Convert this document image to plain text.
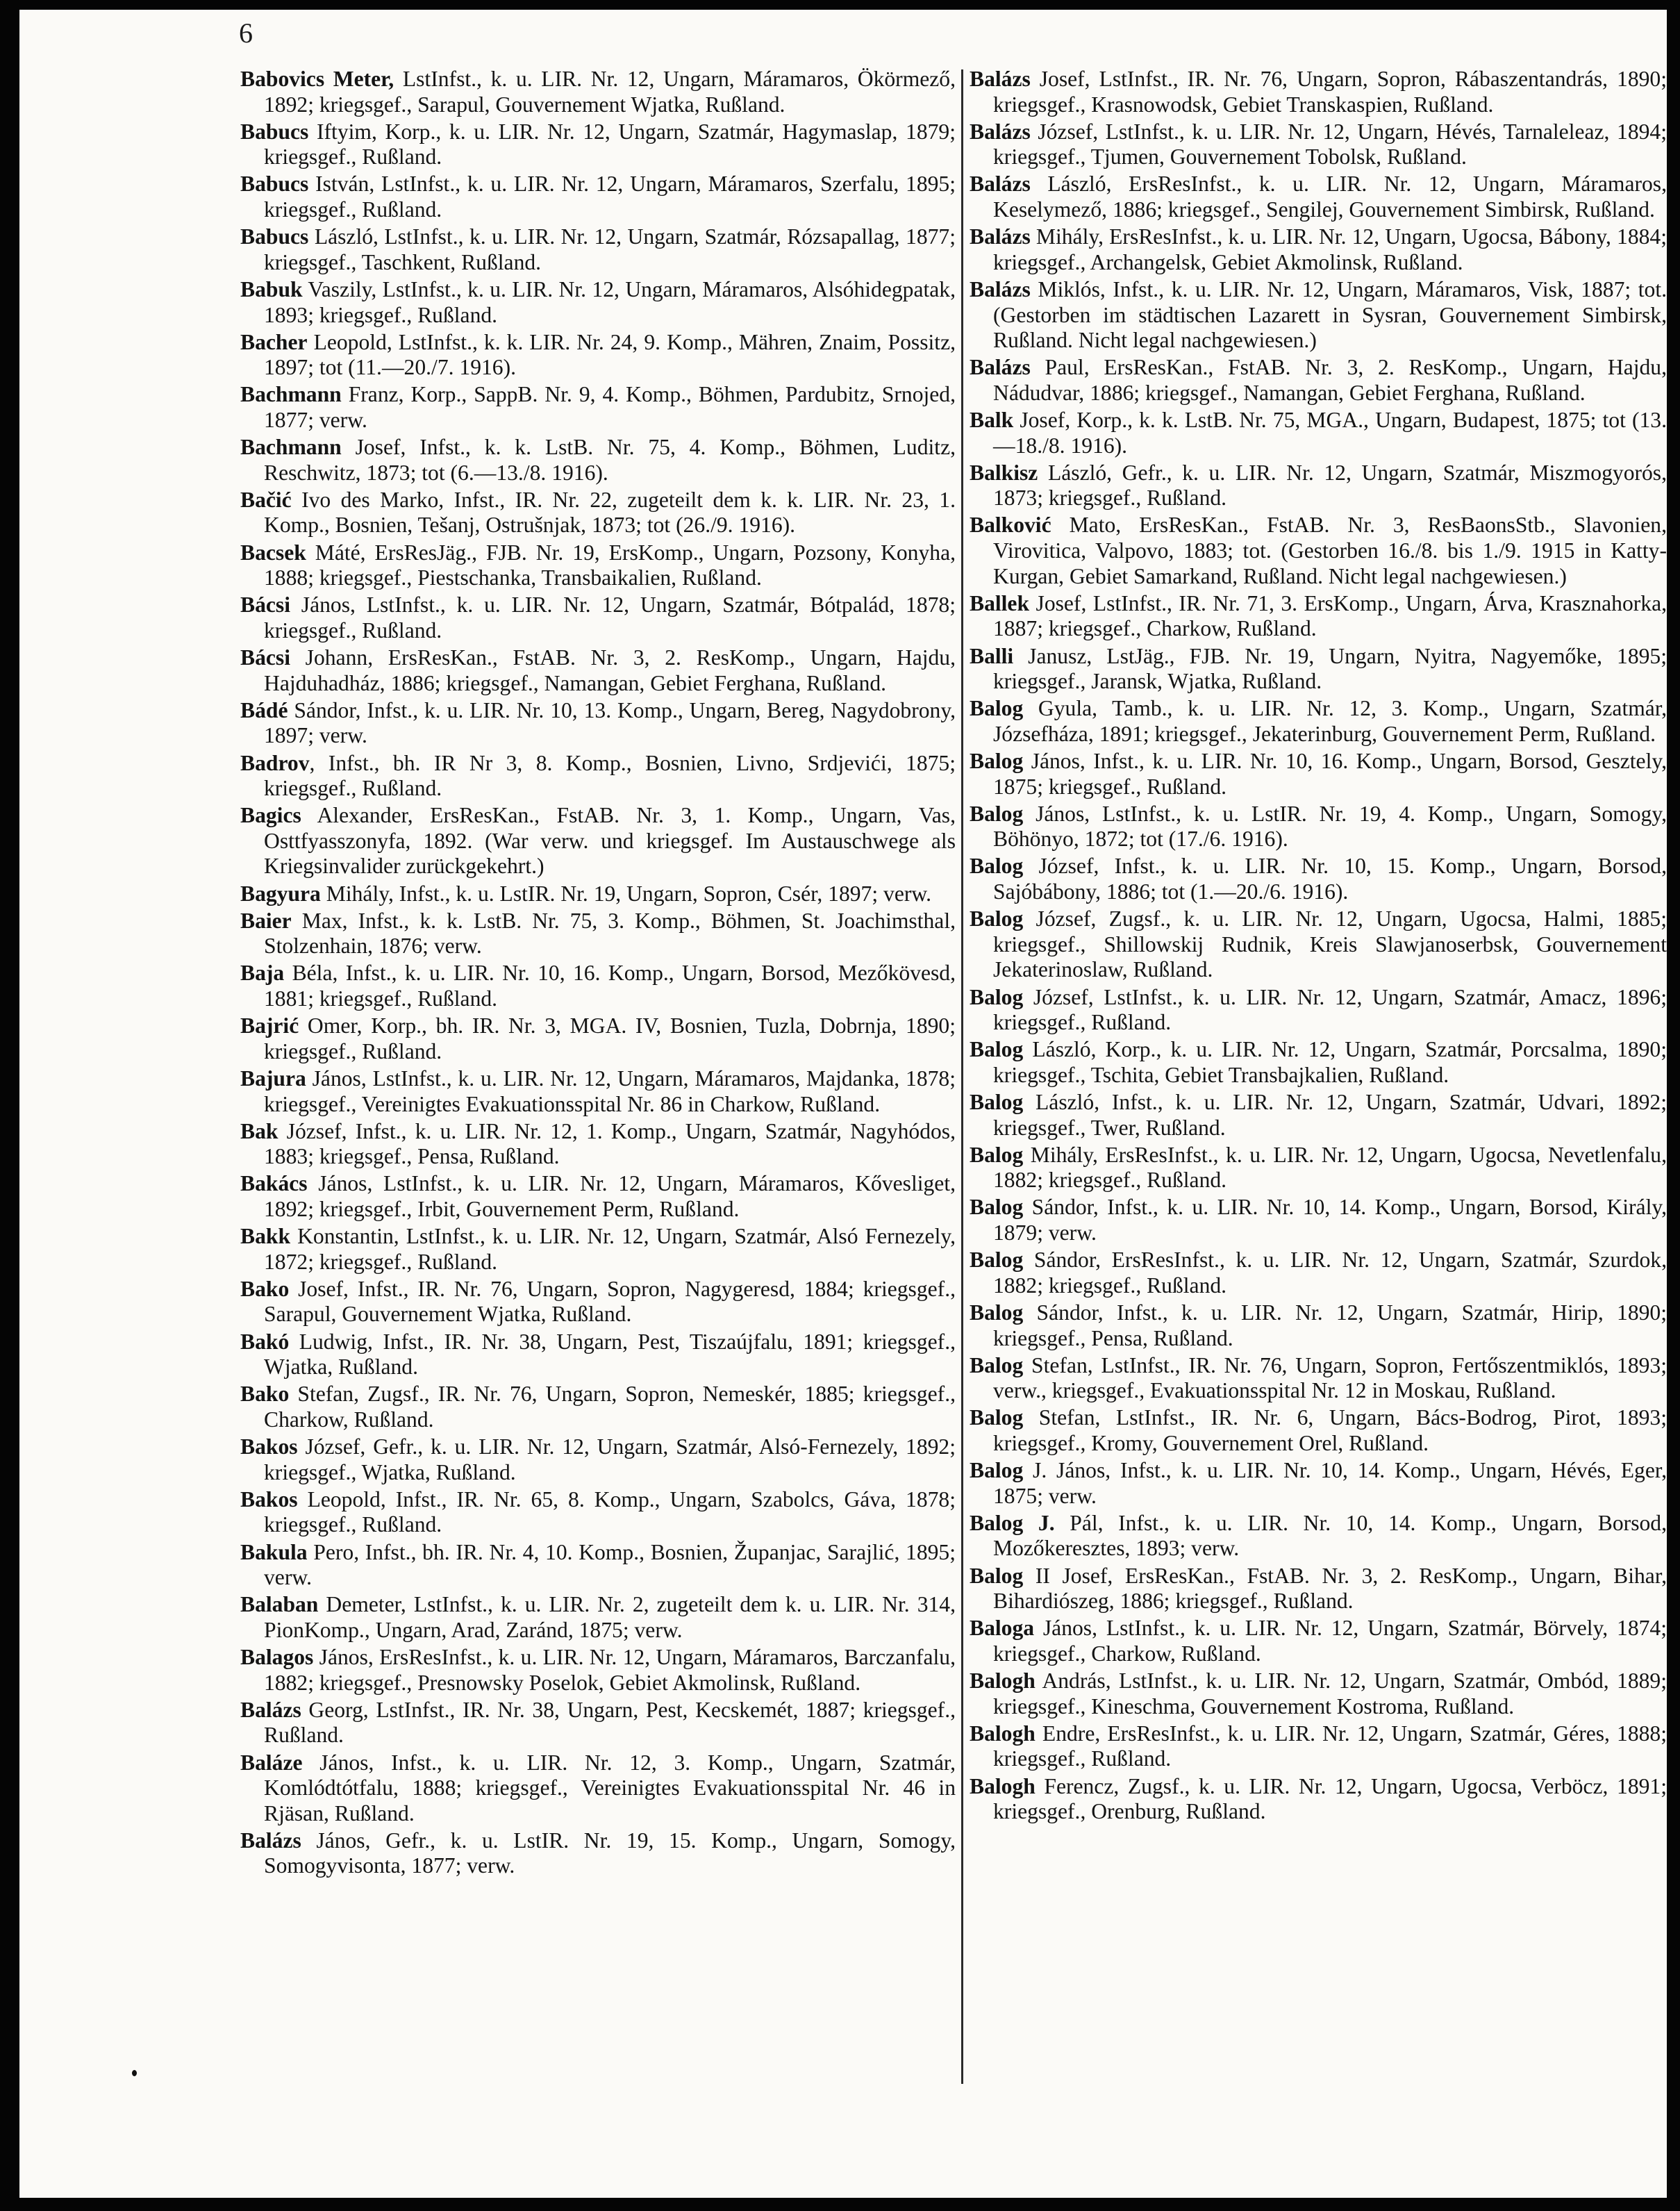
6

Babovics Meter, LstInfst., k. u. LIR. Nr. 12, Ungarn, Máramaros, Ökörmező, 1892; kriegsgef., Sarapul, Gouvernement Wjatka, Rußland.

Babucs Iftyim, Korp., k. u. LIR. Nr. 12, Ungarn, Szatmár, Hagymaslap, 1879; kriegsgef., Rußland.

Babucs István, LstInfst., k. u. LIR. Nr. 12, Ungarn, Máramaros, Szerfalu, 1895; kriegsgef., Rußland.

Babucs László, LstInfst., k. u. LIR. Nr. 12, Ungarn, Szatmár, Rózsapallag, 1877; kriegsgef., Taschkent, Rußland.

Babuk Vaszily, LstInfst., k. u. LIR. Nr. 12, Ungarn, Máramaros, Alsóhidegpatak, 1893; kriegsgef., Rußland.

Bacher Leopold, LstInfst., k. k. LIR. Nr. 24, 9. Komp., Mähren, Znaim, Possitz, 1897; tot (11.—20./7. 1916).

Bachmann Franz, Korp., SappB. Nr. 9, 4. Komp., Böhmen, Pardubitz, Srnojed, 1877; verw.

Bachmann Josef, Infst., k. k. LstB. Nr. 75, 4. Komp., Böhmen, Luditz, Reschwitz, 1873; tot (6.—13./8. 1916).

Bačić Ivo des Marko, Infst., IR. Nr. 22, zugeteilt dem k. k. LIR. Nr. 23, 1. Komp., Bosnien, Tešanj, Ostrušnjak, 1873; tot (26./9. 1916).

Bacsek Máté, ErsResJäg., FJB. Nr. 19, ErsKomp., Ungarn, Pozsony, Konyha, 1888; kriegsgef., Piestschanka, Transbaikalien, Rußland.

Bácsi János, LstInfst., k. u. LIR. Nr. 12, Ungarn, Szatmár, Bótpalád, 1878; kriegsgef., Rußland.

Bácsi Johann, ErsResKan., FstAB. Nr. 3, 2. ResKomp., Ungarn, Hajdu, Hajduhadház, 1886; kriegsgef., Namangan, Gebiet Ferghana, Rußland.

Bádé Sándor, Infst., k. u. LIR. Nr. 10, 13. Komp., Ungarn, Bereg, Nagydobrony, 1897; verw.

Badrov, Infst., bh. IR Nr 3, 8. Komp., Bosnien, Livno, Srdjevići, 1875; kriegsgef., Rußland.

Bagics Alexander, ErsResKan., FstAB. Nr. 3, 1. Komp., Ungarn, Vas, Osttfyasszonyfa, 1892. (War verw. und kriegsgef. Im Austauschwege als Kriegsinvalider zurückgekehrt.)

Bagyura Mihály, Infst., k. u. LstIR. Nr. 19, Ungarn, Sopron, Csér, 1897; verw.

Baier Max, Infst., k. k. LstB. Nr. 75, 3. Komp., Böhmen, St. Joachimsthal, Stolzenhain, 1876; verw.

Baja Béla, Infst., k. u. LIR. Nr. 10, 16. Komp., Ungarn, Borsod, Mezőkövesd, 1881; kriegsgef., Rußland.

Bajrić Omer, Korp., bh. IR. Nr. 3, MGA. IV, Bosnien, Tuzla, Dobrnja, 1890; kriegsgef., Rußland.

Bajura János, LstInfst., k. u. LIR. Nr. 12, Ungarn, Máramaros, Majdanka, 1878; kriegsgef., Vereinigtes Evakuationsspital Nr. 86 in Charkow, Rußland.

Bak József, Infst., k. u. LIR. Nr. 12, 1. Komp., Ungarn, Szatmár, Nagyhódos, 1883; kriegsgef., Pensa, Rußland.

Bakács János, LstInfst., k. u. LIR. Nr. 12, Ungarn, Máramaros, Kővesliget, 1892; kriegsgef., Irbit, Gouvernement Perm, Rußland.

Bakk Konstantin, LstInfst., k. u. LIR. Nr. 12, Ungarn, Szatmár, Alsó Fernezely, 1872; kriegsgef., Rußland.

Bako Josef, Infst., IR. Nr. 76, Ungarn, Sopron, Nagygeresd, 1884; kriegsgef., Sarapul, Gouvernement Wjatka, Rußland.

Bakó Ludwig, Infst., IR. Nr. 38, Ungarn, Pest, Tiszaújfalu, 1891; kriegsgef., Wjatka, Rußland.

Bako Stefan, Zugsf., IR. Nr. 76, Ungarn, Sopron, Nemeskér, 1885; kriegsgef., Charkow, Rußland.

Bakos József, Gefr., k. u. LIR. Nr. 12, Ungarn, Szatmár, Alsó-Fernezely, 1892; kriegsgef., Wjatka, Rußland.

Bakos Leopold, Infst., IR. Nr. 65, 8. Komp., Ungarn, Szabolcs, Gáva, 1878; kriegsgef., Rußland.

Bakula Pero, Infst., bh. IR. Nr. 4, 10. Komp., Bosnien, Županjac, Sarajlić, 1895; verw.

Balaban Demeter, LstInfst., k. u. LIR. Nr. 2, zugeteilt dem k. u. LIR. Nr. 314, PionKomp., Ungarn, Arad, Zaránd, 1875; verw.

Balagos János, ErsResInfst., k. u. LIR. Nr. 12, Ungarn, Máramaros, Barczanfalu, 1882; kriegsgef., Presnowsky Poselok, Gebiet Akmolinsk, Rußland.

Balázs Georg, LstInfst., IR. Nr. 38, Ungarn, Pest, Kecskemét, 1887; kriegsgef., Rußland.

Baláze János, Infst., k. u. LIR. Nr. 12, 3. Komp., Ungarn, Szatmár, Komlódtótfalu, 1888; kriegsgef., Vereinigtes Evakuationsspital Nr. 46 in Rjäsan, Rußland.

Balázs János, Gefr., k. u. LstIR. Nr. 19, 15. Komp., Ungarn, Somogy, Somogyvisonta, 1877; verw.

Balázs Josef, LstInfst., IR. Nr. 76, Ungarn, Sopron, Rábaszentandrás, 1890; kriegsgef., Krasnowodsk, Gebiet Transkaspien, Rußland.

Balázs József, LstInfst., k. u. LIR. Nr. 12, Ungarn, Hévés, Tarnaleleaz, 1894; kriegsgef., Tjumen, Gouvernement Tobolsk, Rußland.

Balázs László, ErsResInfst., k. u. LIR. Nr. 12, Ungarn, Máramaros, Keselymező, 1886; kriegsgef., Sengilej, Gouvernement Simbirsk, Rußland.

Balázs Mihály, ErsResInfst., k. u. LIR. Nr. 12, Ungarn, Ugocsa, Bábony, 1884; kriegsgef., Archangelsk, Gebiet Akmolinsk, Rußland.

Balázs Miklós, Infst., k. u. LIR. Nr. 12, Ungarn, Máramaros, Visk, 1887; tot. (Gestorben im städtischen Lazarett in Sysran, Gouvernement Simbirsk, Rußland. Nicht legal nachgewiesen.)

Balázs Paul, ErsResKan., FstAB. Nr. 3, 2. ResKomp., Ungarn, Hajdu, Nádudvar, 1886; kriegsgef., Namangan, Gebiet Ferghana, Rußland.

Balk Josef, Korp., k. k. LstB. Nr. 75, MGA., Ungarn, Budapest, 1875; tot (13.—18./8. 1916).

Balkisz László, Gefr., k. u. LIR. Nr. 12, Ungarn, Szatmár, Miszmogyorós, 1873; kriegsgef., Rußland.

Balković Mato, ErsResKan., FstAB. Nr. 3, ResBaonsStb., Slavonien, Virovitica, Valpovo, 1883; tot. (Gestorben 16./8. bis 1./9. 1915 in Katty-Kurgan, Gebiet Samarkand, Rußland. Nicht legal nachgewiesen.)

Ballek Josef, LstInfst., IR. Nr. 71, 3. ErsKomp., Ungarn, Árva, Krasznahorka, 1887; kriegsgef., Charkow, Rußland.

Balli Janusz, LstJäg., FJB. Nr. 19, Ungarn, Nyitra, Nagyemőke, 1895; kriegsgef., Jaransk, Wjatka, Rußland.

Balog Gyula, Tamb., k. u. LIR. Nr. 12, 3. Komp., Ungarn, Szatmár, Józsefháza, 1891; kriegsgef., Jekaterinburg, Gouvernement Perm, Rußland.

Balog János, Infst., k. u. LIR. Nr. 10, 16. Komp., Ungarn, Borsod, Gesztely, 1875; kriegsgef., Rußland.

Balog János, LstInfst., k. u. LstIR. Nr. 19, 4. Komp., Ungarn, Somogy, Böhönyo, 1872; tot (17./6. 1916).

Balog József, Infst., k. u. LIR. Nr. 10, 15. Komp., Ungarn, Borsod, Sajóbábony, 1886; tot (1.—20./6. 1916).

Balog József, Zugsf., k. u. LIR. Nr. 12, Ungarn, Ugocsa, Halmi, 1885; kriegsgef., Shillowskij Rudnik, Kreis Slawjanoserbsk, Gouvernement Jekaterinoslaw, Rußland.

Balog József, LstInfst., k. u. LIR. Nr. 12, Ungarn, Szatmár, Amacz, 1896; kriegsgef., Rußland.

Balog László, Korp., k. u. LIR. Nr. 12, Ungarn, Szatmár, Porcsalma, 1890; kriegsgef., Tschita, Gebiet Transbajkalien, Rußland.

Balog László, Infst., k. u. LIR. Nr. 12, Ungarn, Szatmár, Udvari, 1892; kriegsgef., Twer, Rußland.

Balog Mihály, ErsResInfst., k. u. LIR. Nr. 12, Ungarn, Ugocsa, Nevetlenfalu, 1882; kriegsgef., Rußland.

Balog Sándor, Infst., k. u. LIR. Nr. 10, 14. Komp., Ungarn, Borsod, Király, 1879; verw.

Balog Sándor, ErsResInfst., k. u. LIR. Nr. 12, Ungarn, Szatmár, Szurdok, 1882; kriegsgef., Rußland.

Balog Sándor, Infst., k. u. LIR. Nr. 12, Ungarn, Szatmár, Hirip, 1890; kriegsgef., Pensa, Rußland.

Balog Stefan, LstInfst., IR. Nr. 76, Ungarn, Sopron, Fertőszentmiklós, 1893; verw., kriegsgef., Evakuationsspital Nr. 12 in Moskau, Rußland.

Balog Stefan, LstInfst., IR. Nr. 6, Ungarn, Bács-Bodrog, Pirot, 1893; kriegsgef., Kromy, Gouvernement Orel, Rußland.

Balog J. János, Infst., k. u. LIR. Nr. 10, 14. Komp., Ungarn, Hévés, Eger, 1875; verw.

Balog J. Pál, Infst., k. u. LIR. Nr. 10, 14. Komp., Ungarn, Borsod, Mozőkeresztes, 1893; verw.

Balog II Josef, ErsResKan., FstAB. Nr. 3, 2. ResKomp., Ungarn, Bihar, Bihardiószeg, 1886; kriegsgef., Rußland.

Baloga János, LstInfst., k. u. LIR. Nr. 12, Ungarn, Szatmár, Börvely, 1874; kriegsgef., Charkow, Rußland.

Balogh András, LstInfst., k. u. LIR. Nr. 12, Ungarn, Szatmár, Ombód, 1889; kriegsgef., Kineschma, Gouvernement Kostroma, Rußland.

Balogh Endre, ErsResInfst., k. u. LIR. Nr. 12, Ungarn, Szatmár, Géres, 1888; kriegsgef., Rußland.

Balogh Ferencz, Zugsf., k. u. LIR. Nr. 12, Ungarn, Ugocsa, Verböcz, 1891; kriegsgef., Orenburg, Rußland.
